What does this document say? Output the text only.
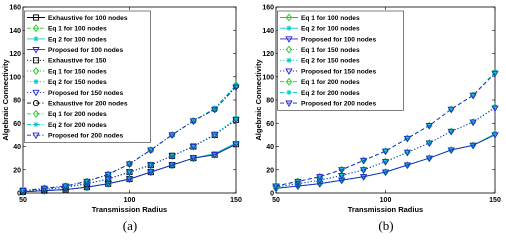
0
20
40
60
80
100
120
140
160
50	100	150
Transmission Radius
Algebraic Connectivity
Exhaustive for 100 nodes
Eq 1 for 100 nodes
Eq 2 for 100 nodes
Proposed for 100 nodes
Exhaustive for 150
Eq 1 for 150 nodes
Eq 2 for 150 nodes
Proposed for 150 nodes
Exhaustive for 200 nodes
Eq 1 for 200 nodes
Eq 2 for 200 nodes
Proposed for 200 nodes
(a)
0
20
40
60
80
100
120
140
160
50	100	150
Transmission Radius
Algebraic Connectivity
Eq 1 for 100 nodes
Eq 2 for 100 nodes
Proposed for 100 nodes
Eq 1 for 150 nodes
Eq 2 for 150 nodes
Proposed for 150 nodes
Eq 1 for 200 nodes
Eq 2 for 200 nodes
Proposed for 200 nodes
(b)
